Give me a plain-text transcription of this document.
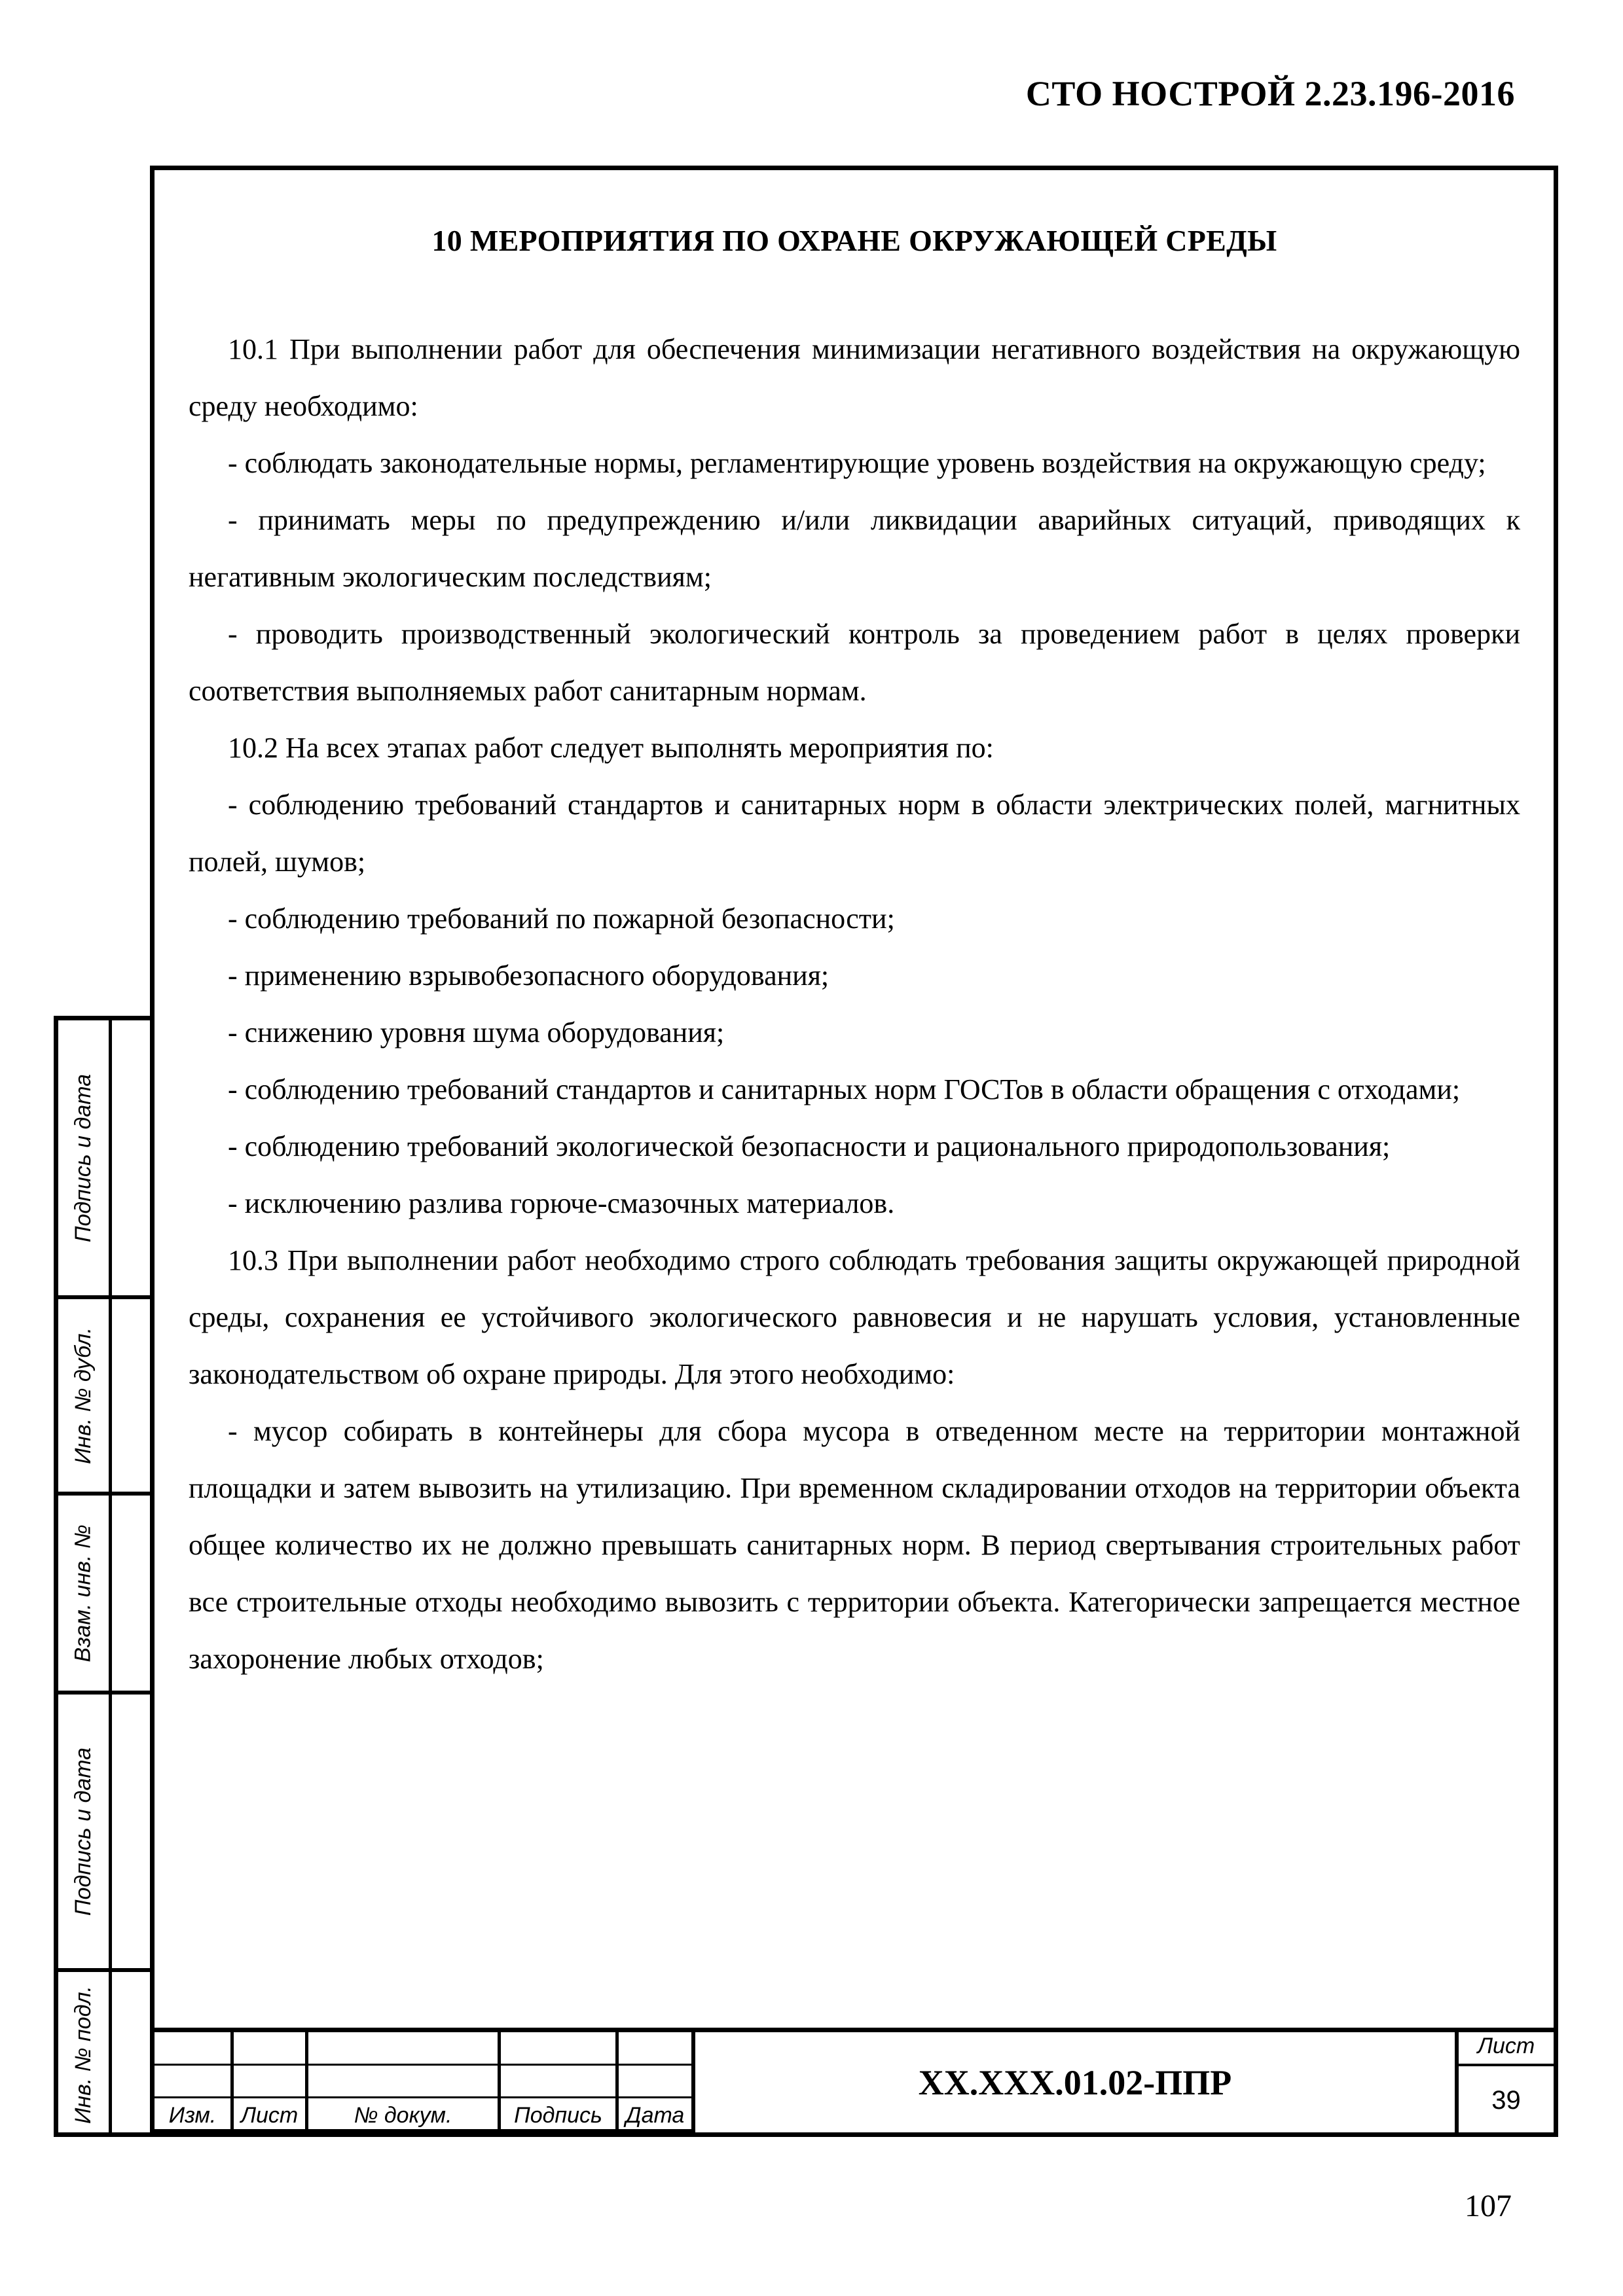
СТО НОСТРОЙ 2.23.196-2016
10 МЕРОПРИЯТИЯ ПО ОХРАНЕ ОКРУЖАЮЩЕЙ СРЕДЫ

10.1 При выполнении работ для обеспечения минимизации негативного воздействия на окружающую среду необходимо:

- соблюдать законодательные нормы, регламентирующие уровень воздействия на окружающую среду;

- принимать меры по предупреждению и/или ликвидации аварийных ситуаций, приводящих к негативным экологическим последствиям;

- проводить производственный экологический контроль за проведением работ в целях проверки соответствия выполняемых работ санитарным нормам.

10.2 На всех этапах работ следует выполнять мероприятия по:

- соблюдению требований стандартов и санитарных норм в области электрических полей, магнитных полей, шумов;

- соблюдению требований по пожарной безопасности;

- применению взрывобезопасного оборудования;

- снижению уровня шума оборудования;

- соблюдению требований стандартов и санитарных норм ГОСТов в области обращения с отходами;

- соблюдению требований экологической безопасности и рационального природопользования;

- исключению разлива горюче-смазочных материалов.

10.3 При выполнении работ необходимо строго соблюдать требования защиты окружающей природной среды, сохранения ее устойчивого экологического равновесия и не нарушать условия, установленные законодательством об охране природы. Для этого необходимо:

- мусор собирать в контейнеры для сбора мусора в отведенном месте на территории монтажной площадки и затем вывозить на утилизацию. При временном складировании отходов на территории объекта общее количество их не должно превышать санитарных норм. В период свертывания строительных работ все строительные отходы необходимо вывозить с территории объекта. Категорически запрещается местное захоронение любых отходов;

Подпись и дата
Инв. № дубл.
Взам. инв. №
Подпись и дата
Инв. № подл.	Изм.	Лист	№ докум.	Подпись	Дата
ХХ.ХХХ.01.02-ППР
Лист
39
107
